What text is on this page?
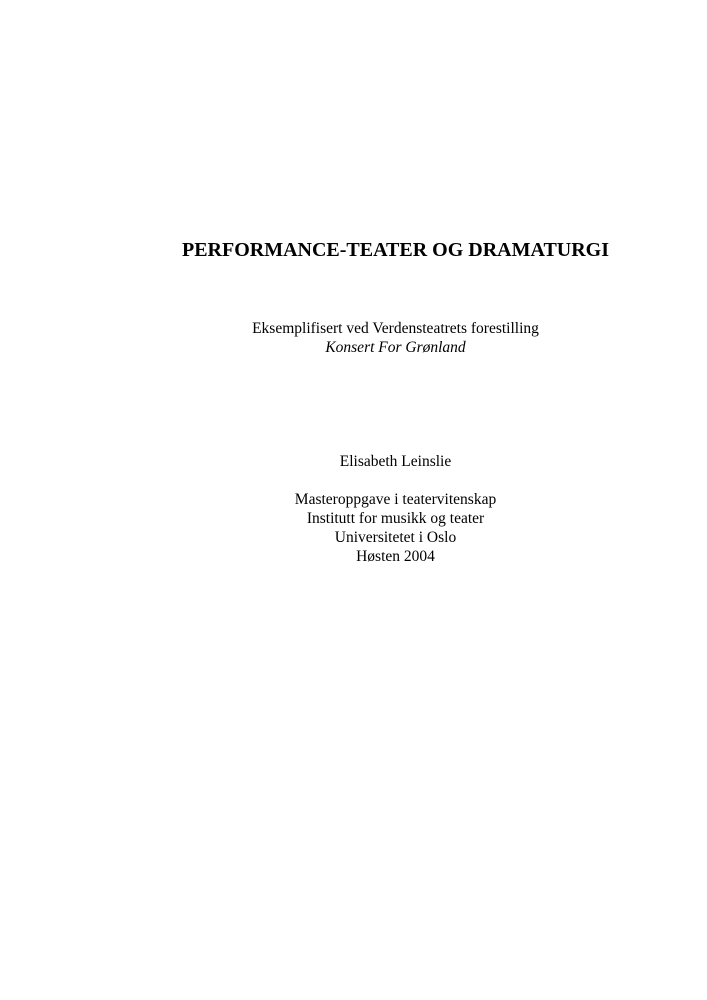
PERFORMANCE-TEATER OG DRAMATURGI
Eksemplifisert ved Verdensteatrets forestilling
Konsert For Grønland
Elisabeth Leinslie
Masteroppgave i teatervitenskap
Institutt for musikk og teater
Universitetet i Oslo
Høsten 2004
